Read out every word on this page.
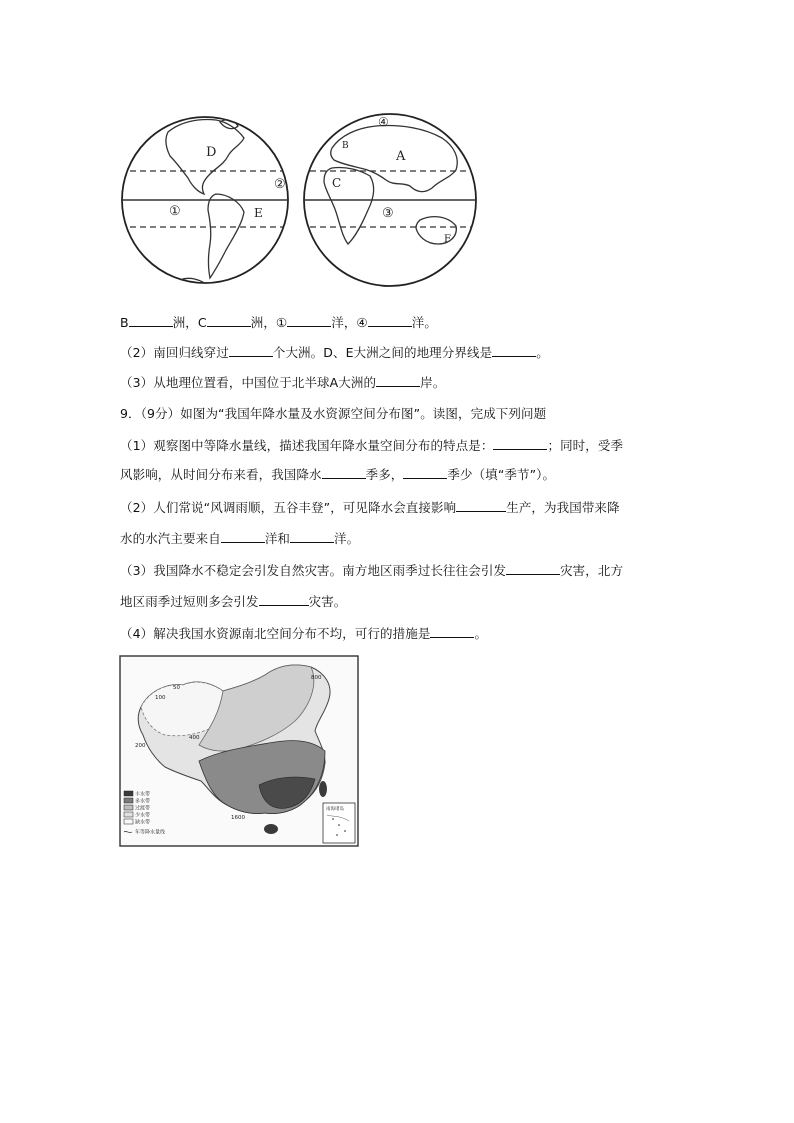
D
E
①
②
B
A
C
③
④
F
B	洲，C	洲，①	洋，④	洋。
（2）南回归线穿过	个大洲。D、E大洲之间的地理分界线是	。
（3）从地理位置看，中国位于北半球A大洲的	岸。
9．（9分）如图为“我国年降水量及水资源空间分布图”。读图，完成下列问题
（1）观察图中等降水量线，描述我国年降水量空间分布的特点是：	；同时，受季
风影响，从时间分布来看，我国降水	季多，	季少（填“季节”）。
（2）人们常说“风调雨顺，五谷丰登”，可见降水会直接影响	生产，为我国带来降
水的水汽主要来自	洋和	洋。
（3）我国降水不稳定会引发自然灾害。南方地区雨季过长往往会引发	灾害，北方
地区雨季过短则多会引发	灾害。
（4）解决我国水资源南北空间分布不均，可行的措施是	。
50
100
200
400
800
1600
丰水带
多水带
过渡带
少水带
缺水带
年等降水量线
南海诸岛
